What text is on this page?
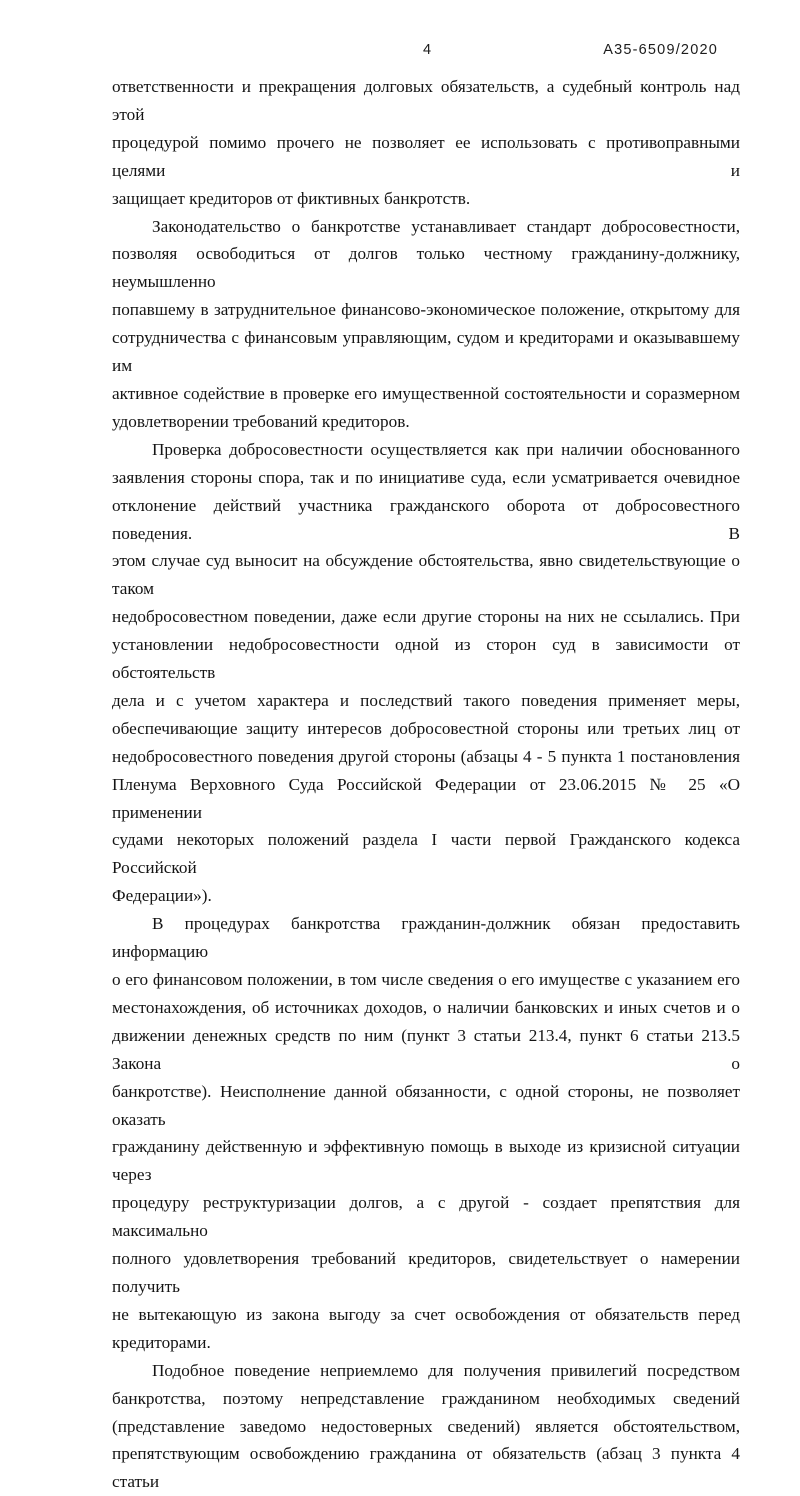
4	А35-6509/2020
ответственности и прекращения долговых обязательств, а судебный контроль над этой
процедурой помимо прочего не позволяет ее использовать с противоправными целями и
защищает кредиторов от фиктивных банкротств.
Законодательство о банкротстве устанавливает стандарт добросовестности,
позволяя освободиться от долгов только честному гражданину-должнику, неумышленно
попавшему в затруднительное финансово-экономическое положение, открытому для
сотрудничества с финансовым управляющим, судом и кредиторами и оказывавшему им
активное содействие в проверке его имущественной состоятельности и соразмерном
удовлетворении требований кредиторов.
Проверка добросовестности осуществляется как при наличии обоснованного
заявления стороны спора, так и по инициативе суда, если усматривается очевидное
отклонение действий участника гражданского оборота от добросовестного поведения. В
этом случае суд выносит на обсуждение обстоятельства, явно свидетельствующие о таком
недобросовестном поведении, даже если другие стороны на них не ссылались. При
установлении недобросовестности одной из сторон суд в зависимости от обстоятельств
дела и с учетом характера и последствий такого поведения применяет меры,
обеспечивающие защиту интересов добросовестной стороны или третьих лиц от
недобросовестного поведения другой стороны (абзацы 4 - 5 пункта 1 постановления
Пленума Верховного Суда Российской Федерации от 23.06.2015 № 25 «О применении
судами некоторых положений раздела I части первой Гражданского кодекса Российской
Федерации»).
В процедурах банкротства гражданин-должник обязан предоставить информацию
о его финансовом положении, в том числе сведения о его имуществе с указанием его
местонахождения, об источниках доходов, о наличии банковских и иных счетов и о
движении денежных средств по ним (пункт 3 статьи 213.4, пункт 6 статьи 213.5 Закона о
банкротстве). Неисполнение данной обязанности, с одной стороны, не позволяет оказать
гражданину действенную и эффективную помощь в выходе из кризисной ситуации через
процедуру реструктуризации долгов, а с другой - создает препятствия для максимально
полного удовлетворения требований кредиторов, свидетельствует о намерении получить
не вытекающую из закона выгоду за счет освобождения от обязательств перед
кредиторами.
Подобное поведение неприемлемо для получения привилегий посредством
банкротства, поэтому непредставление гражданином необходимых сведений
(представление заведомо недостоверных сведений) является обстоятельством,
препятствующим освобождению гражданина от обязательств (абзац 3 пункта 4 статьи
